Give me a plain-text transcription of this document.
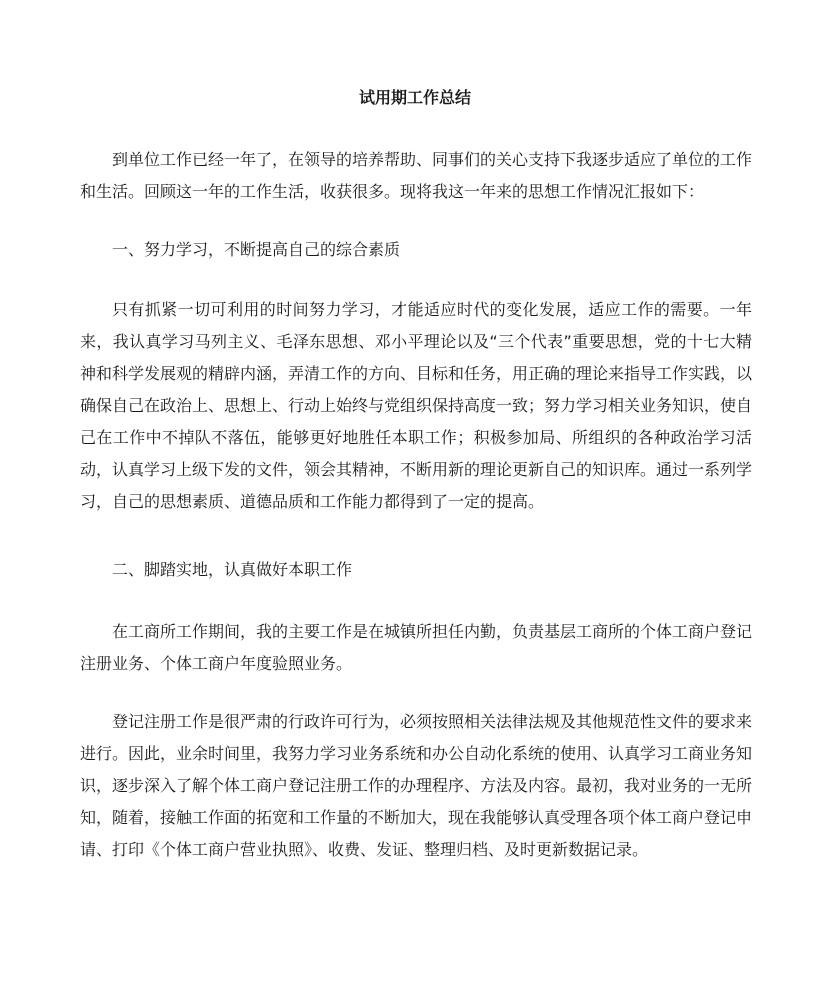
试用期工作总结

到单位工作已经一年了，在领导的培养帮助、同事们的关心支持下我逐步适应了单位的工作和生活。回顾这一年的工作生活，收获很多。现将我这一年来的思想工作情况汇报如下：

一、努力学习，不断提高自己的综合素质

只有抓紧一切可利用的时间努力学习，才能适应时代的变化发展，适应工作的需要。一年来，我认真学习马列主义、毛泽东思想、邓小平理论以及“三个代表”重要思想，党的十七大精神和科学发展观的精辟内涵，弄清工作的方向、目标和任务，用正确的理论来指导工作实践，以确保自己在政治上、思想上、行动上始终与党组织保持高度一致；努力学习相关业务知识，使自己在工作中不掉队不落伍，能够更好地胜任本职工作；积极参加局、所组织的各种政治学习活动，认真学习上级下发的文件，领会其精神，不断用新的理论更新自己的知识库。通过一系列学习，自己的思想素质、道德品质和工作能力都得到了一定的提高。

二、脚踏实地，认真做好本职工作

在工商所工作期间，我的主要工作是在城镇所担任内勤，负责基层工商所的个体工商户登记注册业务、个体工商户年度验照业务。

登记注册工作是很严肃的行政许可行为，必须按照相关法律法规及其他规范性文件的要求来进行。因此，业余时间里，我努力学习业务系统和办公自动化系统的使用、认真学习工商业务知识，逐步深入了解个体工商户登记注册工作的办理程序、方法及内容。最初，我对业务的一无所知，随着，接触工作面的拓宽和工作量的不断加大，现在我能够认真受理各项个体工商户登记申请、打印《个体工商户营业执照》、收费、发证、整理归档、及时更新数据记录。
